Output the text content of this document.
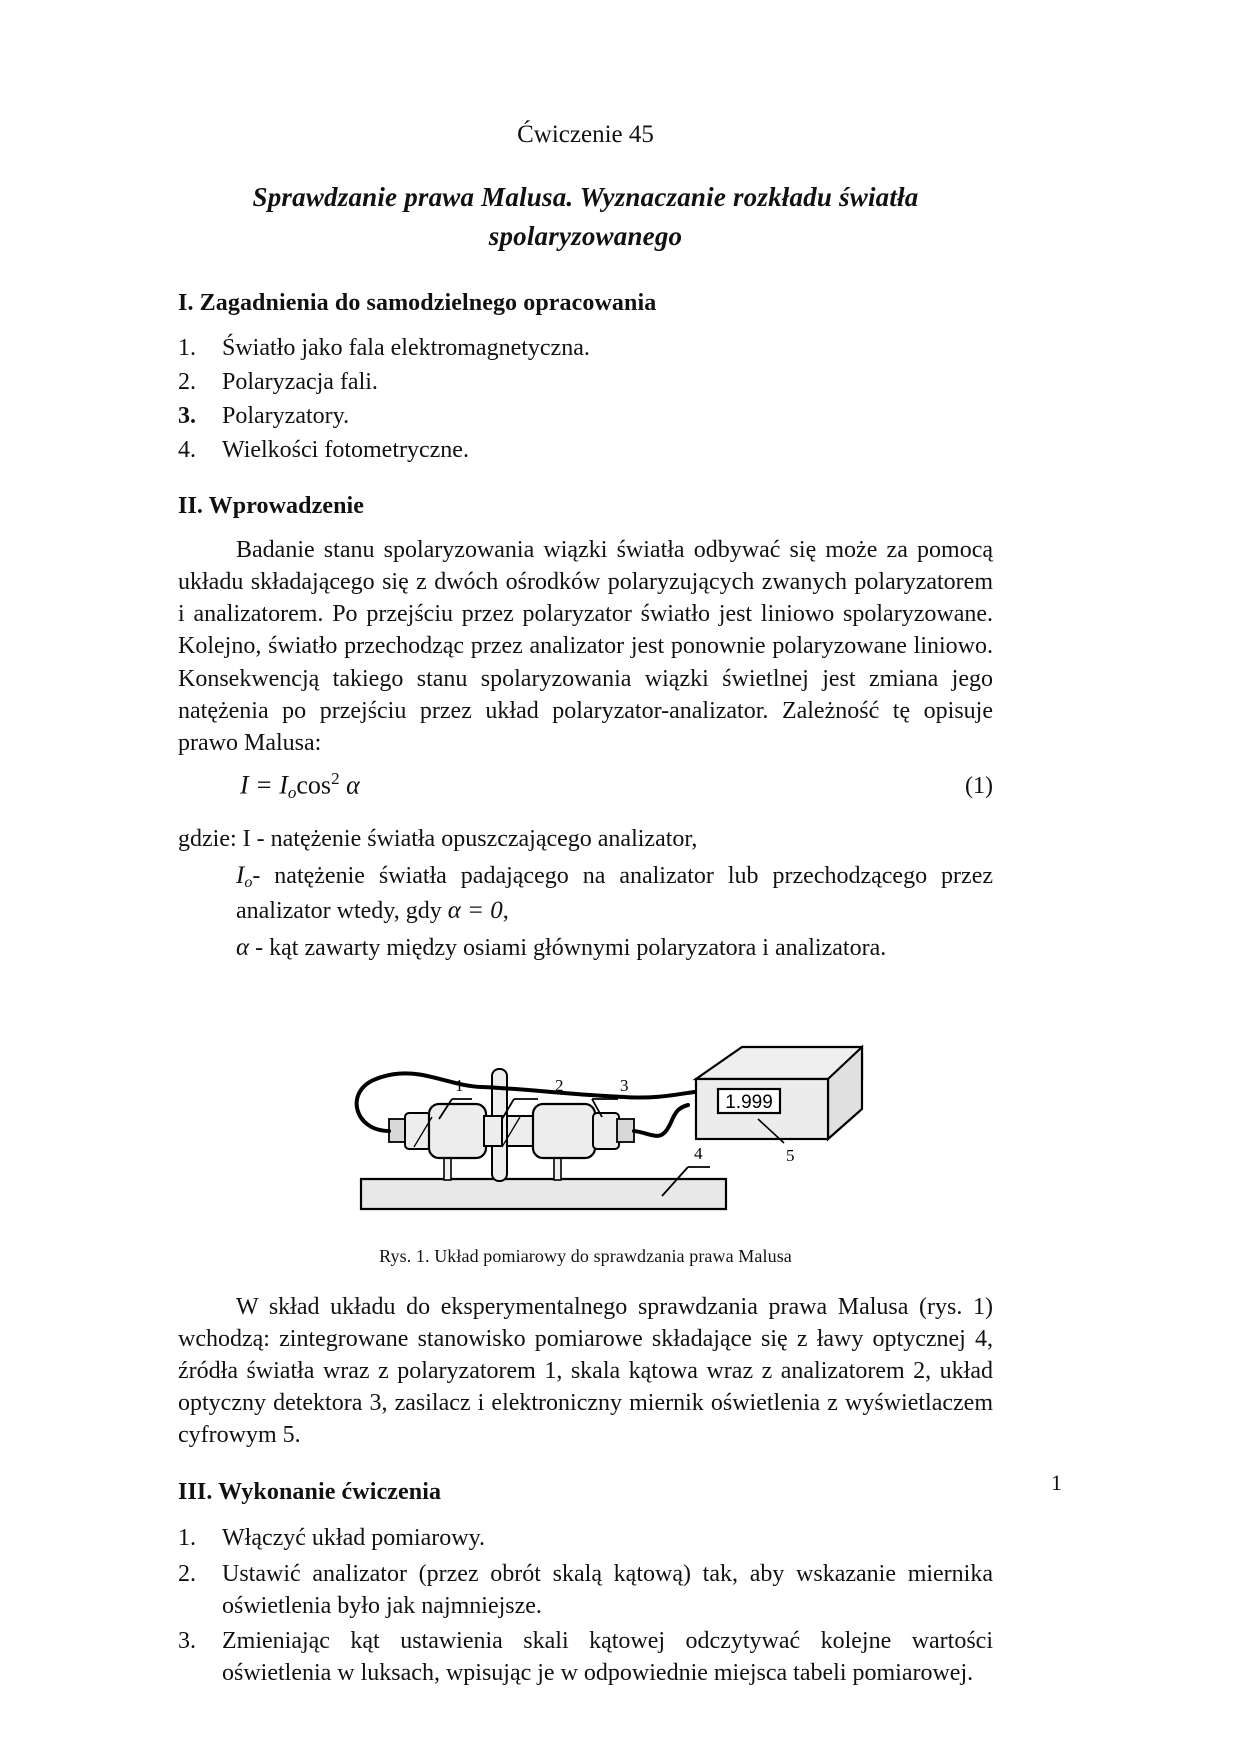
Ćwiczenie 45
Sprawdzanie prawa Malusa. Wyznaczanie rozkładu światła
spolaryzowanego
I. Zagadnienia do samodzielnego opracowania
1.	Światło jako fala elektromagnetyczna.
2.	Polaryzacja fali.
3.	Polaryzatory.
4.	Wielkości fotometryczne.
II. Wprowadzenie

Badanie stanu spolaryzowania wiązki światła odbywać się może za pomocą układu składającego się z dwóch ośrodków polaryzujących zwanych polaryzatorem i analizatorem. Po przejściu przez polaryzator światło jest liniowo spolaryzowane. Kolejno, światło przechodząc przez analizator jest ponownie polaryzowane liniowo. Konsekwencją takiego stanu spolaryzowania wiązki świetlnej jest zmiana jego natężenia po przejściu przez układ polaryzator-analizator. Zależność tę opisuje prawo Malusa:

$I = I_o\cos^2$ α	(1)

gdzie: I - natężenie światła opuszczającego analizator,

$I_o-$ natężenie światła padającego na analizator lub przechodzącego przez analizator wtedy, gdy α = 0,

α - kąt zawarty między osiami głównymi polaryzatora i analizatora.

4
1.999
5
1	2	3
Rys. 1. Układ pomiarowy do sprawdzania prawa Malusa

W skład układu do eksperymentalnego sprawdzania prawa Malusa (rys. 1) wchodzą: zintegrowane stanowisko pomiarowe składające się z ławy optycznej 4, źródła światła wraz z polaryzatorem 1, skala kątowa wraz z analizatorem 2, układ optyczny detektora 3, zasilacz i elektroniczny miernik oświetlenia z wyświetlaczem cyfrowym 5.

III. Wykonanie ćwiczenia
1.	Włączyć układ pomiarowy.
2.	Ustawić analizator (przez obrót skalą kątową) tak, aby wskazanie miernika oświetlenia było jak najmniejsze.
3.	Zmieniając kąt ustawienia skali kątowej odczytywać kolejne wartości oświetlenia w luksach, wpisując je w odpowiednie miejsca tabeli pomiarowej.
1
